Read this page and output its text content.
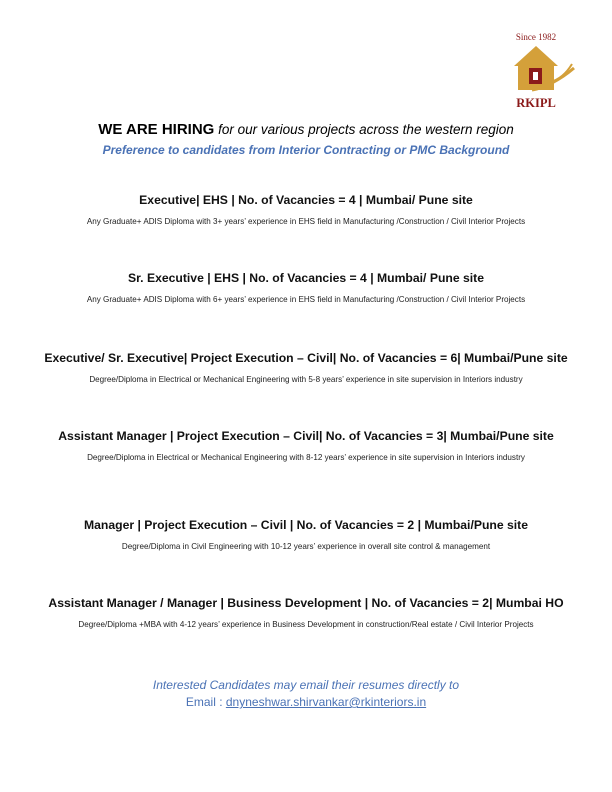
Since 1982
RKIPL
WE ARE HIRING for our various projects across the western region
Preference to candidates from Interior Contracting or PMC Background
Executive| EHS | No. of Vacancies = 4 | Mumbai/ Pune site
Any Graduate+ ADIS Diploma with 3+ years’ experience in EHS field in Manufacturing /Construction / Civil Interior Projects
Sr. Executive | EHS | No. of Vacancies = 4 | Mumbai/ Pune site
Any Graduate+ ADIS Diploma with 6+ years’ experience in EHS field in Manufacturing /Construction / Civil Interior Projects
Executive/ Sr. Executive| Project Execution – Civil| No. of Vacancies = 6| Mumbai/Pune site
Degree/Diploma in Electrical or Mechanical Engineering with 5-8 years’ experience in site supervision in Interiors industry
Assistant Manager | Project Execution – Civil| No. of Vacancies = 3| Mumbai/Pune site
Degree/Diploma in Electrical or Mechanical Engineering with 8-12 years’ experience in site supervision in Interiors industry
Manager | Project Execution – Civil | No. of Vacancies = 2 | Mumbai/Pune site
Degree/Diploma in Civil Engineering with 10-12 years’ experience in overall site control & management
Assistant Manager / Manager | Business Development | No. of Vacancies = 2| Mumbai HO
Degree/Diploma +MBA with 4-12 years’ experience in Business Development in construction/Real estate / Civil Interior Projects
Interested Candidates may email their resumes directly to
Email : dnyneshwar.shirvankar@rkinteriors.in
